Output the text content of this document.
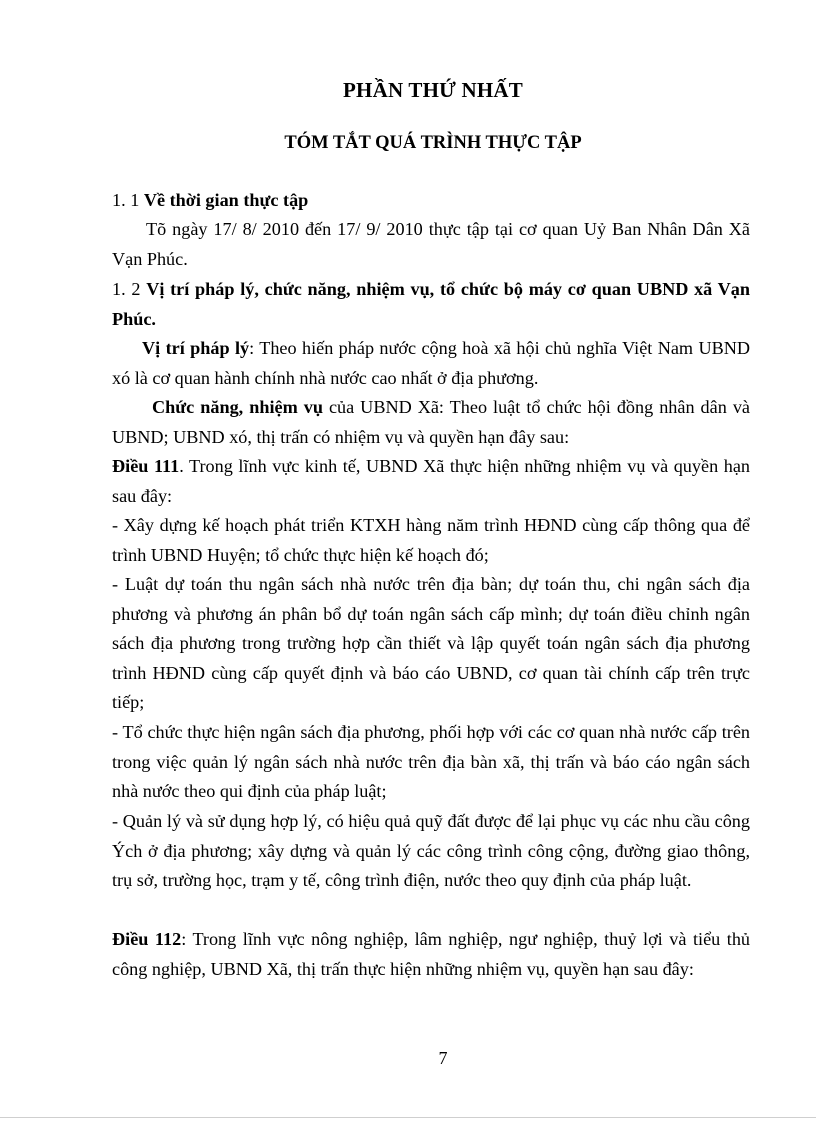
PHẦN THỨ NHẤT
TÓM TẮT QUÁ TRÌNH THỰC TẬP

1. 1 Về thời gian thực tập

Tõ ngày 17/ 8/ 2010 đến 17/ 9/ 2010 thực tập tại cơ quan Uỷ Ban Nhân Dân Xã Vạn Phúc.

1. 2 Vị trí pháp lý, chức năng, nhiệm vụ, tổ chức bộ máy cơ quan UBND xã Vạn Phúc.

Vị trí pháp lý: Theo hiến pháp nước cộng hoà xã hội chủ nghĩa Việt Nam UBND xó là cơ quan hành chính nhà nước cao nhất ở địa phương.

Chức năng, nhiệm vụ của UBND Xã: Theo luật tổ chức hội đồng nhân dân và UBND; UBND xó, thị trấn có nhiệm vụ và quyền hạn đây sau:

Điều 111. Trong lĩnh vực kinh tế, UBND Xã thực hiện những nhiệm vụ và quyền hạn sau đây:

- Xây dựng kế hoạch phát triển KTXH hàng năm trình HĐND cùng cấp thông qua để trình UBND Huyện; tổ chức thực hiện kế hoạch đó;

- Luật dự toán thu ngân sách nhà nước trên địa bàn; dự toán thu, chi ngân sách địa phương và phương án phân bổ dự toán ngân sách cấp mình; dự toán điều chỉnh ngân sách địa phương trong trường hợp cần thiết và lập quyết toán ngân sách địa phương trình HĐND cùng cấp quyết định và báo cáo UBND, cơ quan tài chính cấp trên trực tiếp;

- Tổ chức thực hiện ngân sách địa phương, phối hợp với các cơ quan nhà nước cấp trên trong việc quản lý ngân sách nhà nước trên địa bàn xã, thị trấn và báo cáo ngân sách nhà nước theo qui định của pháp luật;

- Quản lý và sử dụng hợp lý, có hiệu quả quỹ đất được để lại phục vụ các nhu cầu công Ých ở địa phương; xây dựng và quản lý các công trình công cộng, đường giao thông, trụ sở, trường học, trạm y tế, công trình điện, nước theo quy định của pháp luật.

Điều 112: Trong lĩnh vực nông nghiệp, lâm nghiệp, ngư nghiệp, thuỷ lợi và tiểu thủ công nghiệp, UBND Xã, thị trấn thực hiện những nhiệm vụ, quyền hạn sau đây:

7
